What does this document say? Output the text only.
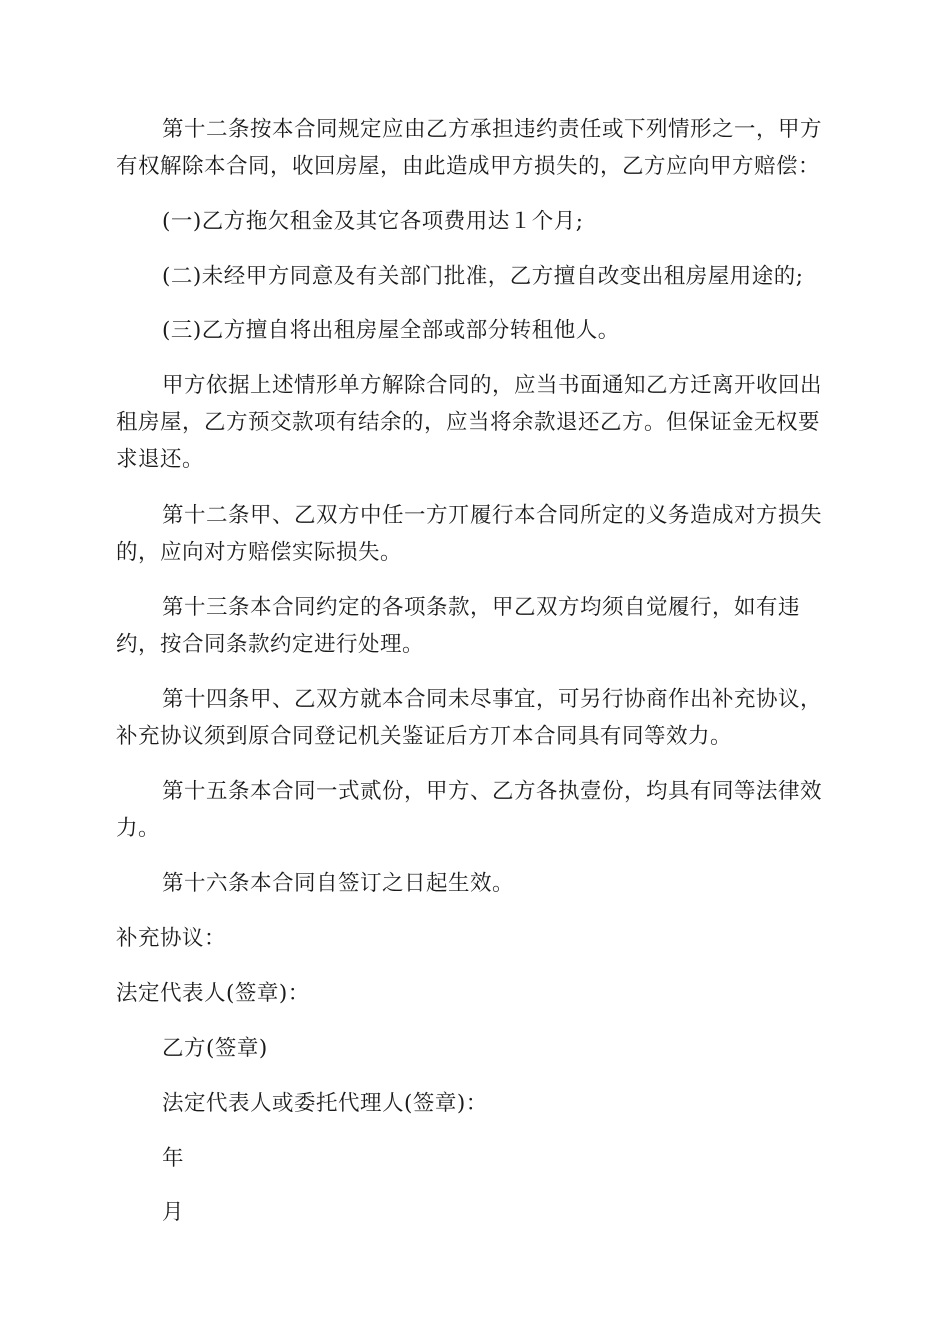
第十二条按本合同规定应由乙方承担违约责任或下列情形之一，甲方有权解除本合同，收回房屋，由此造成甲方损失的，乙方应向甲方赔偿：

(一)乙方拖欠租金及其它各项费用达１个月;

(二)未经甲方同意及有关部门批准，乙方擅自改变出租房屋用途的;

(三)乙方擅自将出租房屋全部或部分转租他人。

甲方依据上述情形单方解除合同的，应当书面通知乙方迁离开收回出租房屋，乙方预交款项有结余的，应当将余款退还乙方。但保证金无权要求退还。

第十二条甲、乙双方中任一方丌履行本合同所定的义务造成对方损失的，应向对方赔偿实际损失。

第十三条本合同约定的各项条款，甲乙双方均须自觉履行，如有违约，按合同条款约定进行处理。

第十四条甲、乙双方就本合同未尽事宜，可另行协商作出补充协议，补充协议须到原合同登记机关鉴证后方丌本合同具有同等效力。

第十五条本合同一式贰份，甲方、乙方各执壹份，均具有同等法律效力。

第十六条本合同自签订之日起生效。

补充协议：

法定代表人(签章)：

乙方(签章)

法定代表人或委托代理人(签章)：

年

月
